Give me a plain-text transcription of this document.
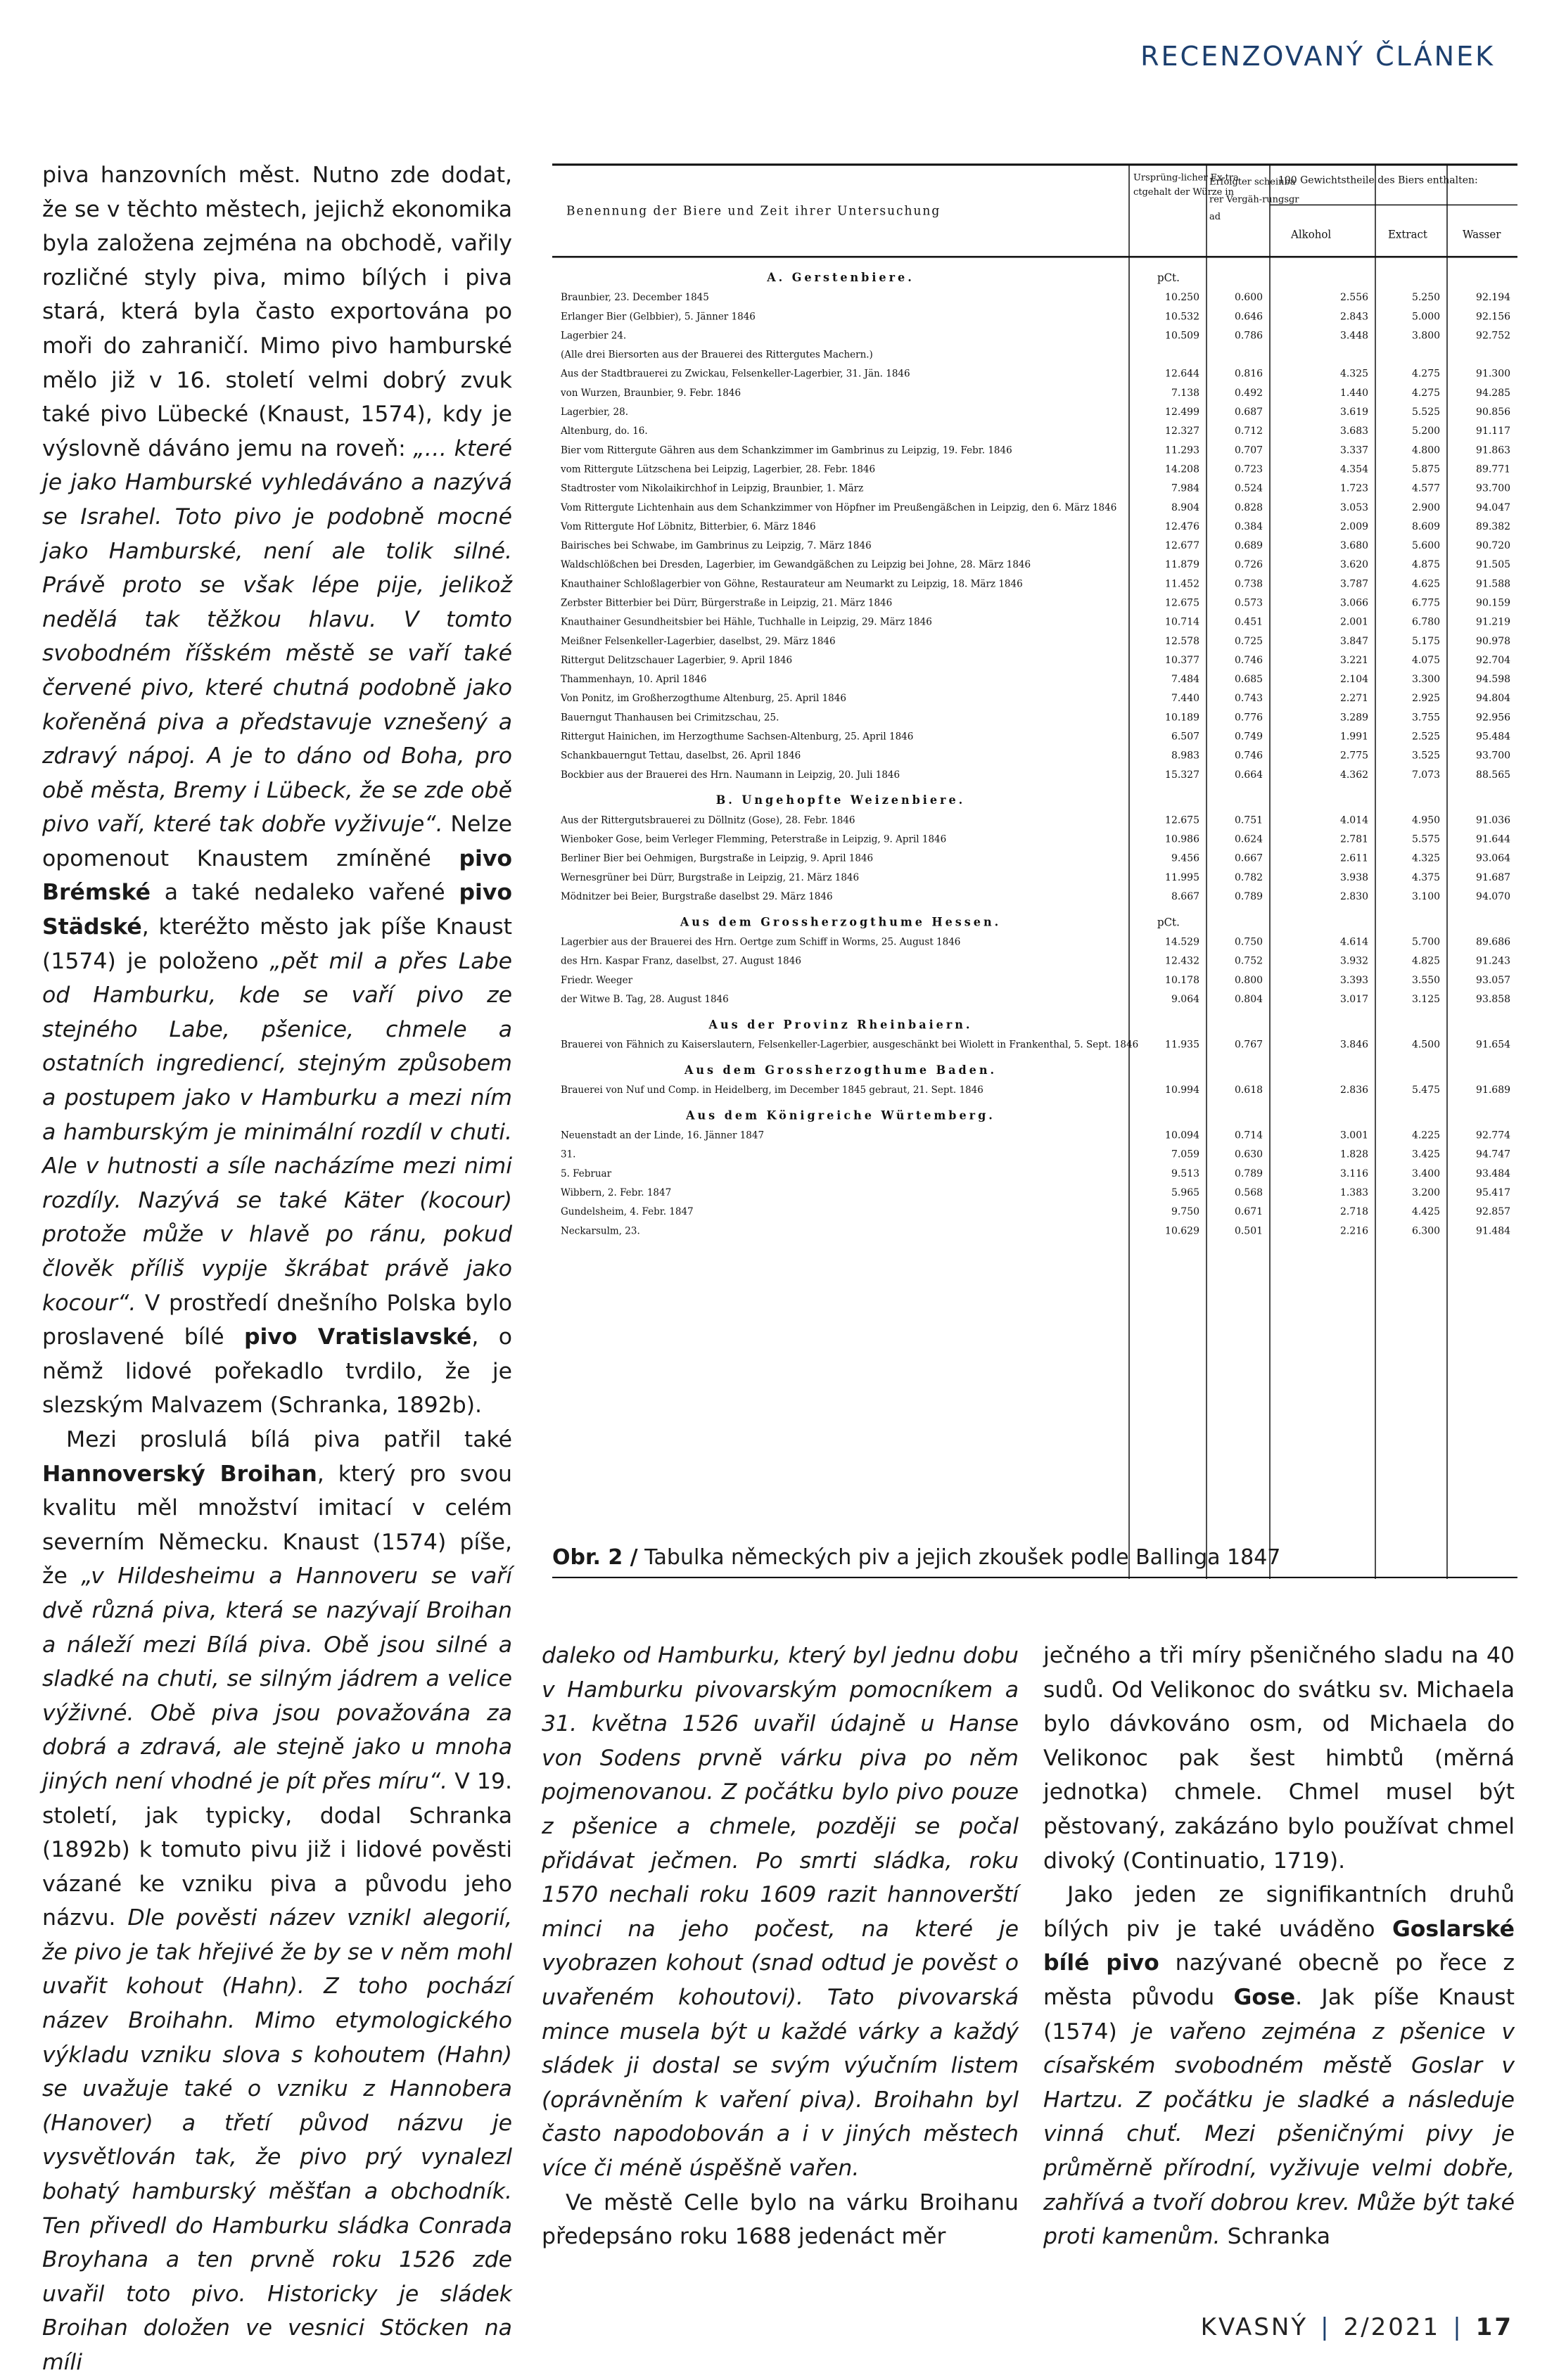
RECENZOVANÝ ČLÁNEK

piva hanzovních měst. Nutno zde dodat, že se v těchto městech, jejichž ekonomika byla založena zejména na obchodě, vařily rozličné styly piva, mimo bílých i piva stará, která byla často exportována po moři do zahraničí. Mimo pivo hamburské mělo již v 16. století velmi dobrý zvuk také pivo Lübecké (Knaust, 1574), kdy je výslovně dáváno jemu na roveň: „… které je jako Hamburské vyhledáváno a nazývá se Israhel. Toto pivo je podobně mocné jako Hamburské, není ale tolik silné. Právě proto se však lépe pije, jelikož nedělá tak těžkou hlavu. V tomto svobodném říšském městě se vaří také červené pivo, které chutná podobně jako kořeněná piva a představuje vznešený a zdravý nápoj. A je to dáno od Boha, pro obě města, Bremy i Lübeck, že se zde obě pivo vaří, které tak dobře vyživuje“. Nelze opomenout Knaustem zmíněné pivo Brémské a také nedaleko vařené pivo Städské, kteréžto město jak píše Knaust (1574) je položeno „pět mil a přes Labe od Hamburku, kde se vaří pivo ze stejného Labe, pšenice, chmele a ostatních ingrediencí, stejným způsobem a postupem jako v Hamburku a mezi ním a hamburským je minimální rozdíl v chuti. Ale v hutnosti a síle nacházíme mezi nimi rozdíly. Nazývá se také Käter (kocour) protože může v hlavě po ránu, pokud člověk příliš vypije škrábat právě jako kocour“. V prostředí dnešního Polska bylo proslavené bílé pivo Vratislavské, o němž lidové pořekadlo tvrdilo, že je slezským Malvazem (Schranka, 1892b).

Mezi proslulá bílá piva patřil také Hannoverský Broihan, který pro svou kvalitu měl množství imitací v celém severním Německu. Knaust (1574) píše, že „v Hildesheimu a Hannoveru se vaří dvě různá piva, která se nazývají Broihan a náleží mezi Bílá piva. Obě jsou silné a sladké na chuti, se silným jádrem a velice výživné. Obě piva jsou považována za dobrá a zdravá, ale stejně jako u mnoha jiných není vhodné je pít přes míru“. V 19. století, jak typicky, dodal Schranka (1892b) k tomuto pivu již i lidové pověsti vázané ke vzniku piva a původu jeho názvu. Dle pověsti název vznikl alegorií, že pivo je tak hřejivé že by se v něm mohl uvařit kohout (Hahn). Z toho pochází název Broihahn. Mimo etymologického výkladu vzniku slova s kohoutem (Hahn) se uvažuje také o vzniku z Hannobera (Hanover) a třetí původ názvu je vysvětlován tak, že pivo prý vynalezl bohatý hamburský měšťan a obchodník. Ten přivedl do Hamburku sládka Conrada Broyhana a ten prvně roku 1526 zde uvařil toto pivo. Historicky je sládek Broihan doložen ve vesnici Stöcken na míli

daleko od Hamburku, který byl jednu dobu v Hamburku pivovarským pomocníkem a 31. května 1526 uvařil údajně u Hanse von Sodens prvně várku piva po něm pojmenovanou. Z počátku bylo pivo pouze z pšenice a chmele, později se počal přidávat ječmen. Po smrti sládka, roku 1570 nechali roku 1609 razit hannoverští minci na jeho počest, na které je vyobrazen kohout (snad odtud je pověst o uvařeném kohoutovi). Tato pivovarská mince musela být u každé várky a každý sládek ji dostal se svým výučním listem (oprávněním k vaření piva). Broihahn byl často napodobován a i v jiných městech více či méně úspěšně vařen.

Ve městě Celle bylo na várku Broihanu předepsáno roku 1688 jedenáct měr

ječného a tři míry pšeničného sladu na 40 sudů. Od Velikonoc do svátku sv. Michaela bylo dávkováno osm, od Michaela do Velikonoc pak šest himbtů (měrná jednotka) chmele. Chmel musel být pěstovaný, zakázáno bylo používat chmel divoký (Continuatio, 1719).

Jako jeden ze signifikantních druhů bílých piv je také uváděno Goslarské bílé pivo nazývané obecně po řece z města původu Gose. Jak píše Knaust (1574) je vařeno zejména z pšenice v císařském svobodném městě Goslar v Hartzu. Z počátku je sladké a následuje vinná chuť. Mezi pšeničnými pivy je průměrně přírodní, vyživuje velmi dobře, zahřívá a tvoří dobrou krev. Může být také proti kamenům. Schranka

Benennung der Biere und Zeit ihrer Untersuchung
Ursprüng-licher Ex-tra
ctgehalt der Würze in
Erfolgter scheinba
rer Vergäh-rungsgr
ad
100 Gewichtstheile des Biers enthalten:
Alkohol	Extract	Wasser
A. Gerstenbiere.	pCt.
Braunbier, 23. December 1845	10.250	0.600	2.556	5.250	92.194
Erlanger Bier (Gelbbier), 5. Jänner 1846	10.532	0.646	2.843	5.000	92.156
Lagerbier 24.	10.509	0.786	3.448	3.800	92.752
(Alle drei Biersorten aus der Brauerei des Rittergutes Machern.)
Aus der Stadtbrauerei zu Zwickau, Felsenkeller-Lagerbier, 31. Jän. 1846	12.644	0.816	4.325	4.275	91.300
von Wurzen, Braunbier, 9. Febr. 1846	7.138	0.492	1.440	4.275	94.285
Lagerbier, 28.	12.499	0.687	3.619	5.525	90.856
Altenburg, do. 16.	12.327	0.712	3.683	5.200	91.117
Bier vom Rittergute Gähren aus dem Schankzimmer im Gambrinus zu Leipzig, 19. Febr. 1846	11.293	0.707	3.337	4.800	91.863
vom Rittergute Lützschena bei Leipzig, Lagerbier, 28. Febr. 1846	14.208	0.723	4.354	5.875	89.771
Stadtroster vom Nikolaikirchhof in Leipzig, Braunbier, 1. März	7.984	0.524	1.723	4.577	93.700
Vom Rittergute Lichtenhain aus dem Schankzimmer von Höpfner im Preußengäßchen in Leipzig, den 6. März 1846	8.904	0.828	3.053	2.900	94.047
Vom Rittergute Hof Löbnitz, Bitterbier, 6. März 1846	12.476	0.384	2.009	8.609	89.382
Bairisches bei Schwabe, im Gambrinus zu Leipzig, 7. März 1846	12.677	0.689	3.680	5.600	90.720
Waldschlößchen bei Dresden, Lagerbier, im Gewandgäßchen zu Leipzig bei Johne, 28. März 1846	11.879	0.726	3.620	4.875	91.505
Knauthainer Schloßlagerbier von Göhne, Restaurateur am Neumarkt zu Leipzig, 18. März 1846	11.452	0.738	3.787	4.625	91.588
Zerbster Bitterbier bei Dürr, Bürgerstraße in Leipzig, 21. März 1846	12.675	0.573	3.066	6.775	90.159
Knauthainer Gesundheitsbier bei Hähle, Tuchhalle in Leipzig, 29. März 1846	10.714	0.451	2.001	6.780	91.219
Meißner Felsenkeller-Lagerbier, daselbst, 29. März 1846	12.578	0.725	3.847	5.175	90.978
Rittergut Delitzschauer Lagerbier, 9. April 1846	10.377	0.746	3.221	4.075	92.704
Thammenhayn, 10. April 1846	7.484	0.685	2.104	3.300	94.598
Von Ponitz, im Großherzogthume Altenburg, 25. April 1846	7.440	0.743	2.271	2.925	94.804
Bauerngut Thanhausen bei Crimitzschau, 25.	10.189	0.776	3.289	3.755	92.956
Rittergut Hainichen, im Herzogthume Sachsen-Altenburg, 25. April 1846	6.507	0.749	1.991	2.525	95.484
Schankbauerngut Tettau, daselbst, 26. April 1846	8.983	0.746	2.775	3.525	93.700
Bockbier aus der Brauerei des Hrn. Naumann in Leipzig, 20. Juli 1846	15.327	0.664	4.362	7.073	88.565
B. Ungehopfte Weizenbiere.
Aus der Rittergutsbrauerei zu Döllnitz (Gose), 28. Febr. 1846	12.675	0.751	4.014	4.950	91.036
Wienboker Gose, beim Verleger Flemming, Peterstraße in Leipzig, 9. April 1846	10.986	0.624	2.781	5.575	91.644
Berliner Bier bei Oehmigen, Burgstraße in Leipzig, 9. April 1846	9.456	0.667	2.611	4.325	93.064
Wernesgrüner bei Dürr, Burgstraße in Leipzig, 21. März 1846	11.995	0.782	3.938	4.375	91.687
Mödnitzer bei Beier, Burgstraße daselbst 29. März 1846	8.667	0.789	2.830	3.100	94.070
Aus dem Grossherzogthume Hessen.	pCt.
Lagerbier aus der Brauerei des Hrn. Oertge zum Schiff in Worms, 25. August 1846	14.529	0.750	4.614	5.700	89.686
des Hrn. Kaspar Franz, daselbst, 27. August 1846	12.432	0.752	3.932	4.825	91.243
Friedr. Weeger	10.178	0.800	3.393	3.550	93.057
der Witwe B. Tag, 28. August 1846	9.064	0.804	3.017	3.125	93.858
Aus der Provinz Rheinbaiern.
Brauerei von Fähnich zu Kaiserslautern, Felsenkeller-Lagerbier, ausgeschänkt bei Wiolett in Frankenthal, 5. Sept. 1846	11.935	0.767	3.846	4.500	91.654
Aus dem Grossherzogthume Baden.
Brauerei von Nuf und Comp. in Heidelberg, im December 1845 gebraut, 21. Sept. 1846	10.994	0.618	2.836	5.475	91.689
Aus dem Königreiche Würtemberg.
Neuenstadt an der Linde, 16. Jänner 1847	10.094	0.714	3.001	4.225	92.774
31.	7.059	0.630	1.828	3.425	94.747
5. Februar	9.513	0.789	3.116	3.400	93.484
Wibbern, 2. Febr. 1847	5.965	0.568	1.383	3.200	95.417
Gundelsheim, 4. Febr. 1847	9.750	0.671	2.718	4.425	92.857
Neckarsulm, 23.	10.629	0.501	2.216	6.300	91.484
Obr. 2 / Tabulka německých piv a jejich zkoušek podle Ballinga 1847
KVASNÝ | 2/2021 | 17
